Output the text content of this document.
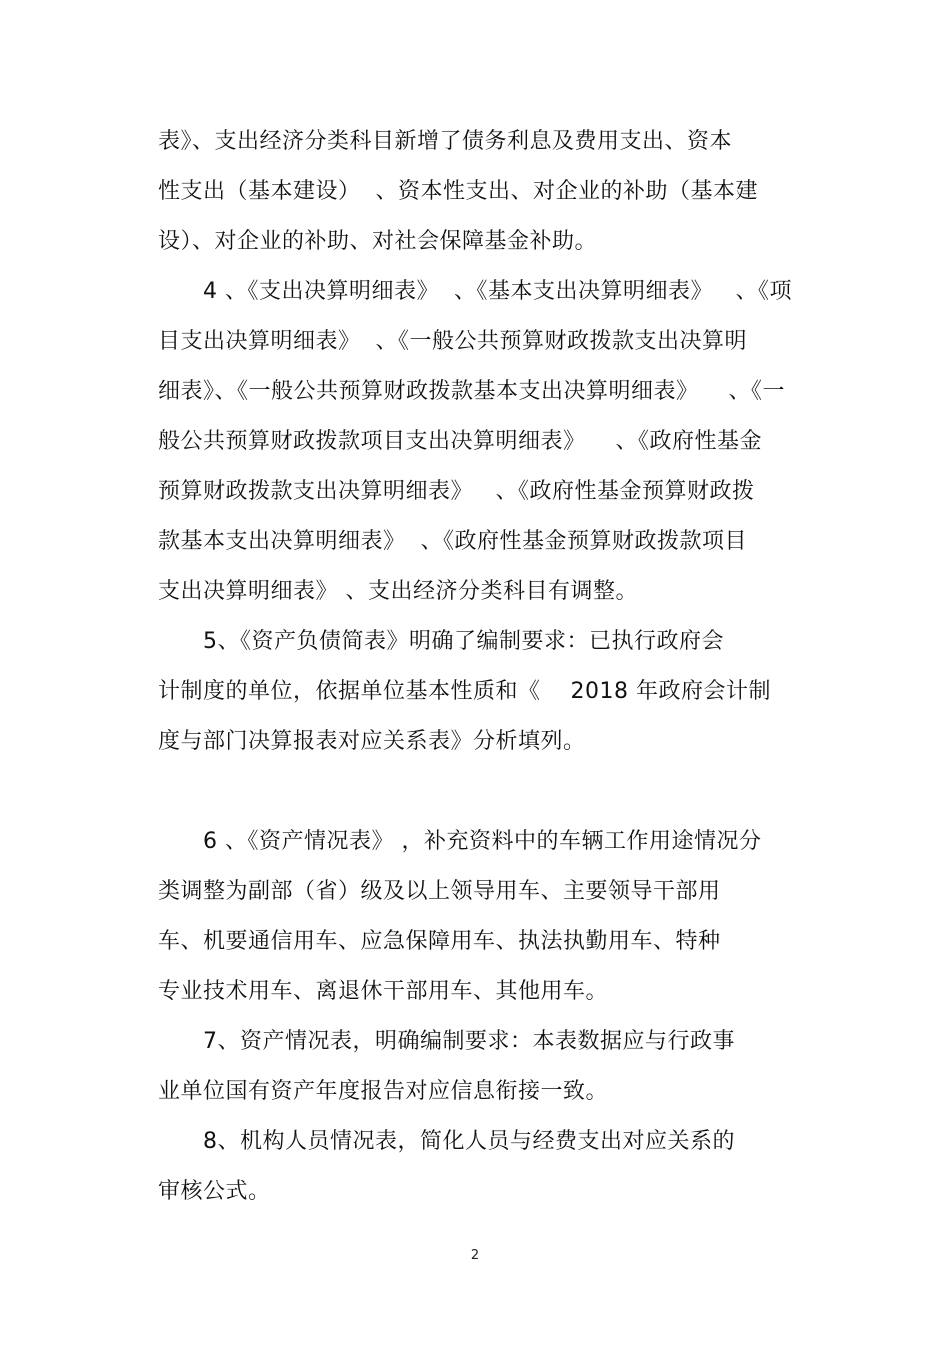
表》、支出经济分类科目新增了债务利息及费用支出、资本
性支出（基本建设）  、资本性支出、对企业的补助（基本建
设）、对企业的补助、对社会保障基金补助。
4 、《支出决算明细表》  、《基本支出决算明细表》   、《项
目支出决算明细表》  、《一般公共预算财政拨款支出决算明
细表》、《一般公共预算财政拨款基本支出决算明细表》    、《一
般公共预算财政拨款项目支出决算明细表》    、《政府性基金
预算财政拨款支出决算明细表》   、《政府性基金预算财政拨
款基本支出决算明细表》  、《政府性基金预算财政拨款项目
支出决算明细表》 、支出经济分类科目有调整。
5、《资产负债简表》明确了编制要求：已执行政府会
计制度的单位，依据单位基本性质和《    2018 年政府会计制
度与部门决算报表对应关系表》分析填列。
6 、《资产情况表》 ，补充资料中的车辆工作用途情况分
类调整为副部（省）级及以上领导用车、主要领导干部用
车、机要通信用车、应急保障用车、执法执勤用车、特种
专业技术用车、离退休干部用车、其他用车。
7、资产情况表，明确编制要求：本表数据应与行政事
业单位国有资产年度报告对应信息衔接一致。
8、机构人员情况表，简化人员与经费支出对应关系的
审核公式。
2
